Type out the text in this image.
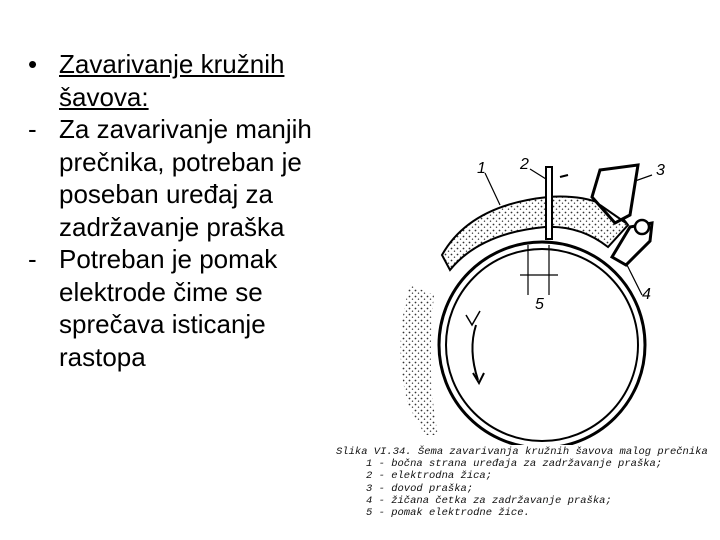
• Zavarivanje kružnih šavova:
- Za zavarivanje manjih prečnika, potreban je poseban uređaj za zadržavanje praška
- Potreban je pomak elektrode čime se sprečava isticanje rastopa
1 2	3
4
5
Slika VI.34. Šema zavarivanja kružnih šavova malog prečnika
1 - bočna strana uređaja za zadržavanje praška;
2 - elektrodna žica;
3 - dovod praška;
4 - žičana četka za zadržavanje praška;
5 - pomak elektrodne žice.
